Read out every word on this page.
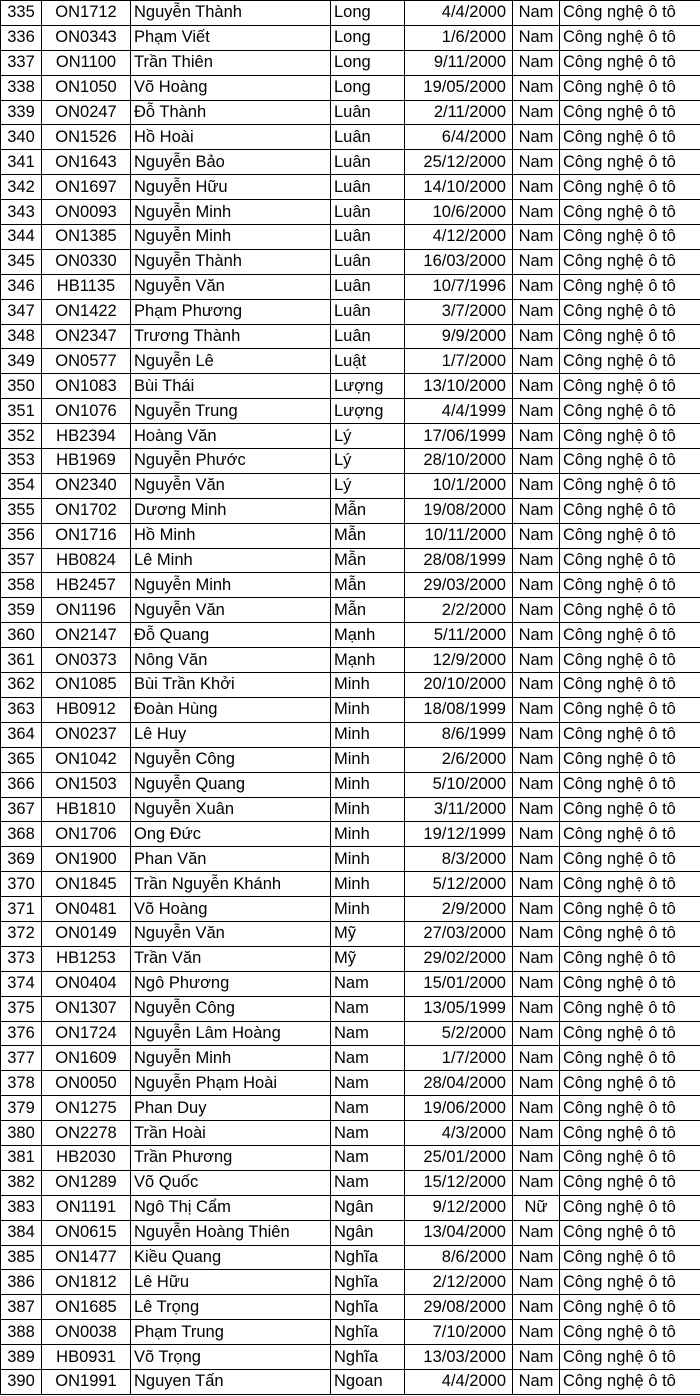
335	ON1712	Nguyễn Thành	Long	4/4/2000	Nam	Công nghệ ô tô
336	ON0343	Phạm Viết	Long	1/6/2000	Nam	Công nghệ ô tô
337	ON1100	Trần Thiên	Long	9/11/2000	Nam	Công nghệ ô tô
338	ON1050	Võ Hoàng	Long	19/05/2000	Nam	Công nghệ ô tô
339	ON0247	Đỗ Thành	Luân	2/11/2000	Nam	Công nghệ ô tô
340	ON1526	Hồ Hoài	Luân	6/4/2000	Nam	Công nghệ ô tô
341	ON1643	Nguyễn Bảo	Luân	25/12/2000	Nam	Công nghệ ô tô
342	ON1697	Nguyễn Hữu	Luân	14/10/2000	Nam	Công nghệ ô tô
343	ON0093	Nguyễn Minh	Luân	10/6/2000	Nam	Công nghệ ô tô
344	ON1385	Nguyễn Minh	Luân	4/12/2000	Nam	Công nghệ ô tô
345	ON0330	Nguyễn Thành	Luân	16/03/2000	Nam	Công nghệ ô tô
346	HB1135	Nguyễn Văn	Luân	10/7/1996	Nam	Công nghệ ô tô
347	ON1422	Phạm Phương	Luân	3/7/2000	Nam	Công nghệ ô tô
348	ON2347	Trương Thành	Luân	9/9/2000	Nam	Công nghệ ô tô
349	ON0577	Nguyễn Lê	Luật	1/7/2000	Nam	Công nghệ ô tô
350	ON1083	Bùi Thái	Lượng	13/10/2000	Nam	Công nghệ ô tô
351	ON1076	Nguyễn Trung	Lượng	4/4/1999	Nam	Công nghệ ô tô
352	HB2394	Hoàng Văn	Lý	17/06/1999	Nam	Công nghệ ô tô
353	HB1969	Nguyễn Phước	Lý	28/10/2000	Nam	Công nghệ ô tô
354	ON2340	Nguyễn Văn	Lý	10/1/2000	Nam	Công nghệ ô tô
355	ON1702	Dương Minh	Mẫn	19/08/2000	Nam	Công nghệ ô tô
356	ON1716	Hồ Minh	Mẫn	10/11/2000	Nam	Công nghệ ô tô
357	HB0824	Lê Minh	Mẫn	28/08/1999	Nam	Công nghệ ô tô
358	HB2457	Nguyễn Minh	Mẫn	29/03/2000	Nam	Công nghệ ô tô
359	ON1196	Nguyễn Văn	Mẫn	2/2/2000	Nam	Công nghệ ô tô
360	ON2147	Đỗ Quang	Mạnh	5/11/2000	Nam	Công nghệ ô tô
361	ON0373	Nông Văn	Mạnh	12/9/2000	Nam	Công nghệ ô tô
362	ON1085	Bùi Trần Khởi	Minh	20/10/2000	Nam	Công nghệ ô tô
363	HB0912	Đoàn Hùng	Minh	18/08/1999	Nam	Công nghệ ô tô
364	ON0237	Lê Huy	Minh	8/6/1999	Nam	Công nghệ ô tô
365	ON1042	Nguyễn Công	Minh	2/6/2000	Nam	Công nghệ ô tô
366	ON1503	Nguyễn Quang	Minh	5/10/2000	Nam	Công nghệ ô tô
367	HB1810	Nguyễn Xuân	Minh	3/11/2000	Nam	Công nghệ ô tô
368	ON1706	Ong Đức	Minh	19/12/1999	Nam	Công nghệ ô tô
369	ON1900	Phan Văn	Minh	8/3/2000	Nam	Công nghệ ô tô
370	ON1845	Trần Nguyễn Khánh	Minh	5/12/2000	Nam	Công nghệ ô tô
371	ON0481	Võ Hoàng	Minh	2/9/2000	Nam	Công nghệ ô tô
372	ON0149	Nguyễn Văn	Mỹ	27/03/2000	Nam	Công nghệ ô tô
373	HB1253	Trần Văn	Mỹ	29/02/2000	Nam	Công nghệ ô tô
374	ON0404	Ngô Phương	Nam	15/01/2000	Nam	Công nghệ ô tô
375	ON1307	Nguyễn Công	Nam	13/05/1999	Nam	Công nghệ ô tô
376	ON1724	Nguyễn Lâm Hoàng	Nam	5/2/2000	Nam	Công nghệ ô tô
377	ON1609	Nguyễn Minh	Nam	1/7/2000	Nam	Công nghệ ô tô
378	ON0050	Nguyễn Phạm Hoài	Nam	28/04/2000	Nam	Công nghệ ô tô
379	ON1275	Phan Duy	Nam	19/06/2000	Nam	Công nghệ ô tô
380	ON2278	Trần Hoài	Nam	4/3/2000	Nam	Công nghệ ô tô
381	HB2030	Trần Phương	Nam	25/01/2000	Nam	Công nghệ ô tô
382	ON1289	Võ Quốc	Nam	15/12/2000	Nam	Công nghệ ô tô
383	ON1191	Ngô Thị Cẩm	Ngân	9/12/2000	Nữ	Công nghệ ô tô
384	ON0615	Nguyễn Hoàng Thiên	Ngân	13/04/2000	Nam	Công nghệ ô tô
385	ON1477	Kiều Quang	Nghĩa	8/6/2000	Nam	Công nghệ ô tô
386	ON1812	Lê Hữu	Nghĩa	2/12/2000	Nam	Công nghệ ô tô
387	ON1685	Lê Trọng	Nghĩa	29/08/2000	Nam	Công nghệ ô tô
388	ON0038	Phạm Trung	Nghĩa	7/10/2000	Nam	Công nghệ ô tô
389	HB0931	Võ Trọng	Nghĩa	13/03/2000	Nam	Công nghệ ô tô
390	ON1991	Nguyen Tấn	Ngoan	4/4/2000	Nam	Công nghệ ô tô
